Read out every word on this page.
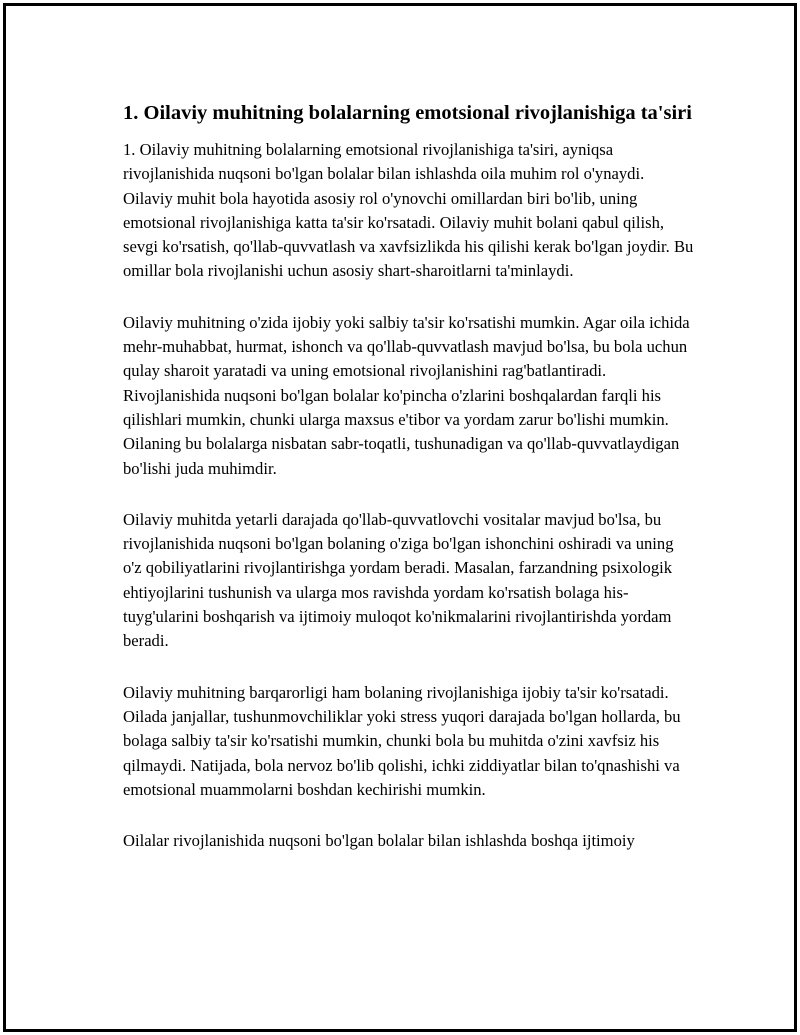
1. Oilaviy muhitning bolalarning emotsional rivojlanishiga ta'siri

1. Oilaviy muhitning bolalarning emotsional rivojlanishiga ta'siri, ayniqsa rivojlanishida nuqsoni bo'lgan bolalar bilan ishlashda oila muhim rol o'ynaydi. Oilaviy muhit bola hayotida asosiy rol o'ynovchi omillardan biri bo'lib, uning emotsional rivojlanishiga katta ta'sir ko'rsatadi. Oilaviy muhit bolani qabul qilish, sevgi ko'rsatish, qo'llab-quvvatlash va xavfsizlikda his qilishi kerak bo'lgan joydir. Bu omillar bola rivojlanishi uchun asosiy shart-sharoitlarni ta'minlaydi.

Oilaviy muhitning o'zida ijobiy yoki salbiy ta'sir ko'rsatishi mumkin. Agar oila ichida mehr-muhabbat, hurmat, ishonch va qo'llab-quvvatlash mavjud bo'lsa, bu bola uchun qulay sharoit yaratadi va uning emotsional rivojlanishini rag'batlantiradi. Rivojlanishida nuqsoni bo'lgan bolalar ko'pincha o'zlarini boshqalardan farqli his qilishlari mumkin, chunki ularga maxsus e'tibor va yordam zarur bo'lishi mumkin. Oilaning bu bolalarga nisbatan sabr-toqatli, tushunadigan va qo'llab-quvvatlaydigan bo'lishi juda muhimdir.

Oilaviy muhitda yetarli darajada qo'llab-quvvatlovchi vositalar mavjud bo'lsa, bu rivojlanishida nuqsoni bo'lgan bolaning o'ziga bo'lgan ishonchini oshiradi va uning o'z qobiliyatlarini rivojlantirishga yordam beradi. Masalan, farzandning psixologik ehtiyojlarini tushunish va ularga mos ravishda yordam ko'rsatish bolaga his-tuyg'ularini boshqarish va ijtimoiy muloqot ko'nikmalarini rivojlantirishda yordam beradi.

Oilaviy muhitning barqarorligi ham bolaning rivojlanishiga ijobiy ta'sir ko'rsatadi. Oilada janjallar, tushunmovchiliklar yoki stress yuqori darajada bo'lgan hollarda, bu bolaga salbiy ta'sir ko'rsatishi mumkin, chunki bola bu muhitda o'zini xavfsiz his qilmaydi. Natijada, bola nervoz bo'lib qolishi, ichki ziddiyatlar bilan to'qnashishi va emotsional muammolarni boshdan kechirishi mumkin.

Oilalar rivojlanishida nuqsoni bo'lgan bolalar bilan ishlashda boshqa ijtimoiy
